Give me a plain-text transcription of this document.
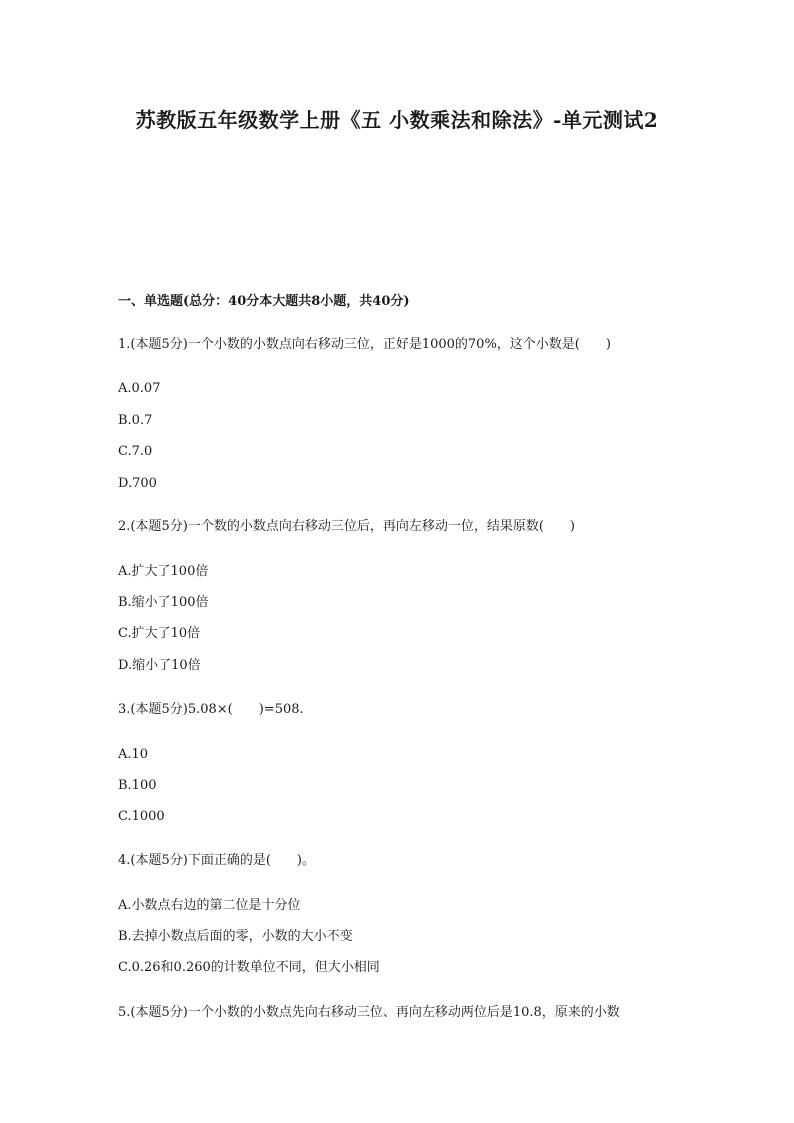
苏教版五年级数学上册《五 小数乘法和除法》-单元测试2
一、单选题(总分：40分本大题共8小题，共40分)
1.(本题5分)一个小数的小数点向右移动三位，正好是1000的70%，这个小数是(　　)
A.0.07
B.0.7
C.7.0
D.700
2.(本题5分)一个数的小数点向右移动三位后，再向左移动一位，结果原数(　　)
A.扩大了100倍
B.缩小了100倍
C.扩大了10倍
D.缩小了10倍
3.(本题5分)5.08×(　　)=508.
A.10
B.100
C.1000
4.(本题5分)下面正确的是(　　)。
A.小数点右边的第二位是十分位
B.去掉小数点后面的零，小数的大小不变
C.0.26和0.260的计数单位不同，但大小相同
5.(本题5分)一个小数的小数点先向右移动三位、再向左移动两位后是10.8，原来的小数
